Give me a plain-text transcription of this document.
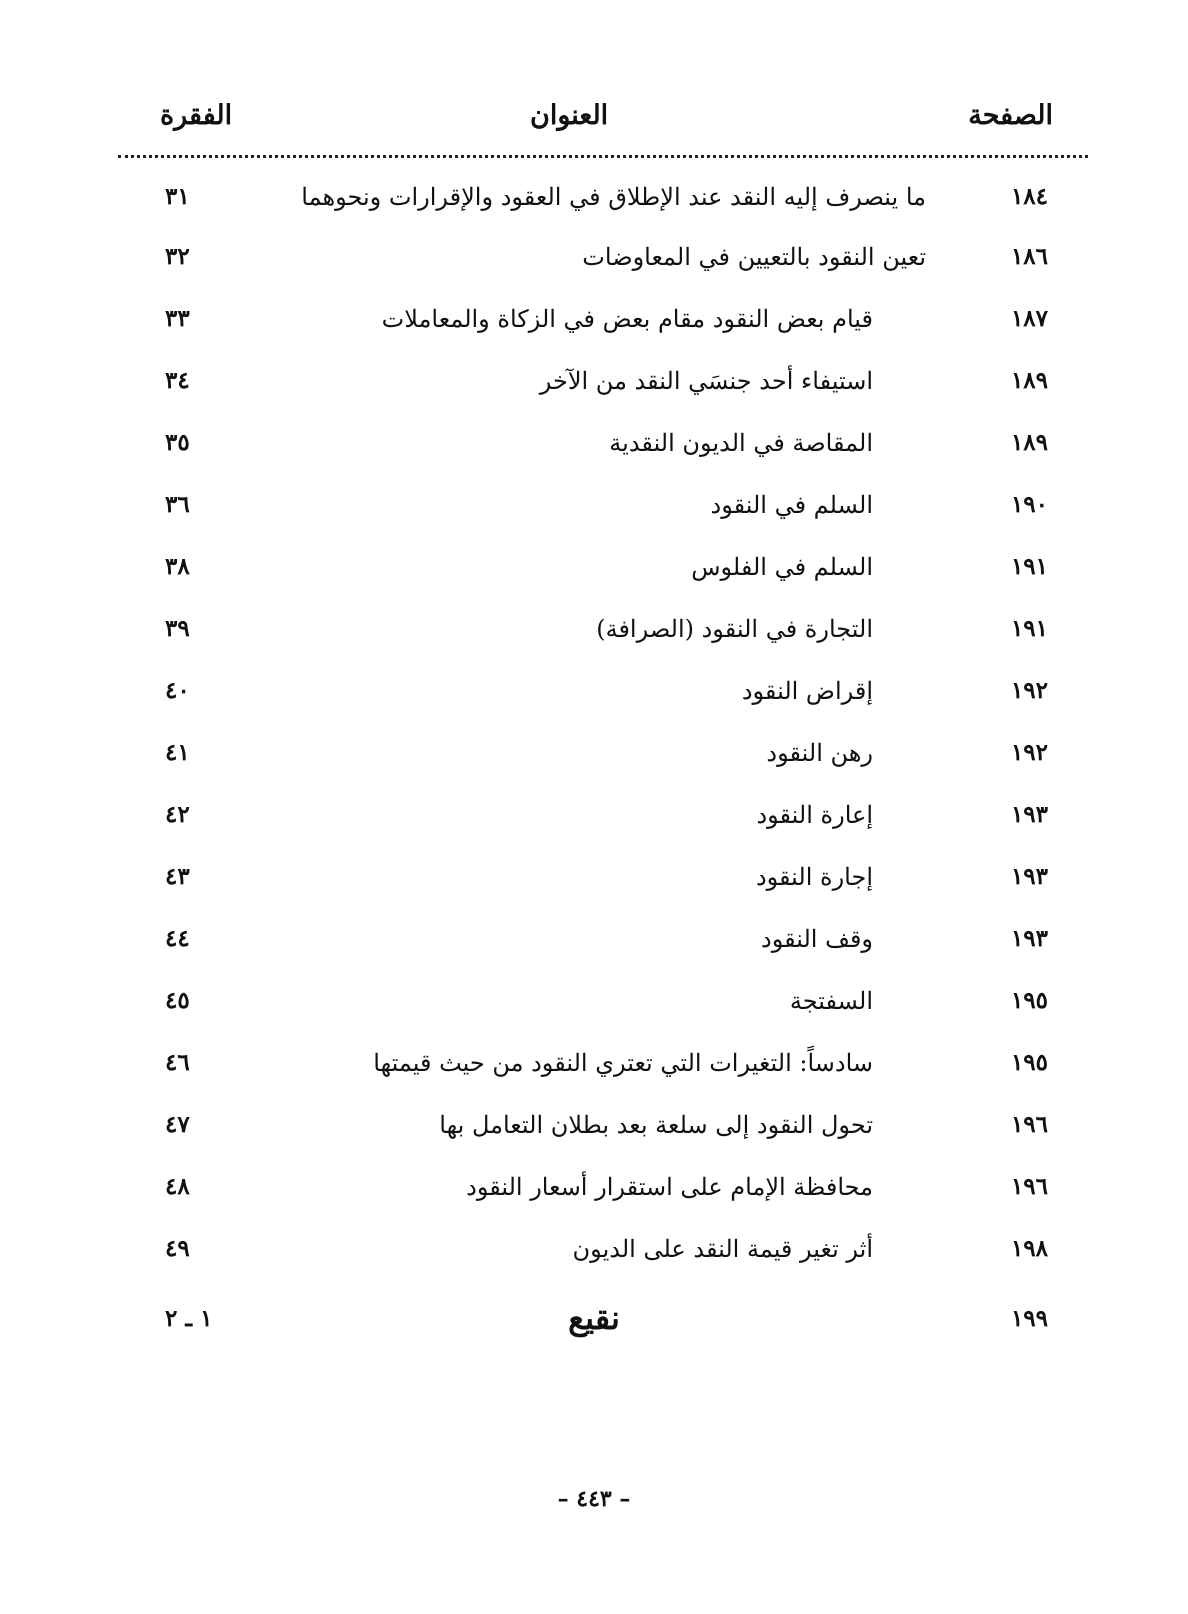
الصفحة
العنوان
الفقرة
١٨٤
ما ينصرف إليه النقد عند الإطلاق في العقود والإقرارات ونحوهما
٣١
١٨٦
تعين النقود بالتعيين في المعاوضات
٣٢
١٨٧
قيام بعض النقود مقام بعض في الزكاة والمعاملات
٣٣
١٨٩
استيفاء أحد جنسَي النقد من الآخر
٣٤
١٨٩
المقاصة في الديون النقدية
٣٥
١٩٠
السلم في النقود
٣٦
١٩١
السلم في الفلوس
٣٨
١٩١
التجارة في النقود (الصرافة)
٣٩
١٩٢
إقراض النقود
٤٠
١٩٢
رهن النقود
٤١
١٩٣
إعارة النقود
٤٢
١٩٣
إجارة النقود
٤٣
١٩٣
وقف النقود
٤٤
١٩٥
السفتجة
٤٥
١٩٥
سادساً: التغيرات التي تعتري النقود من حيث قيمتها
٤٦
١٩٦
تحول النقود إلى سلعة بعد بطلان التعامل بها
٤٧
١٩٦
محافظة الإمام على استقرار أسعار النقود
٤٨
١٩٨
أثر تغير قيمة النقد على الديون
٤٩
١٩٩
نقيع
١ ـ ٢
– ٤٤٣ –
